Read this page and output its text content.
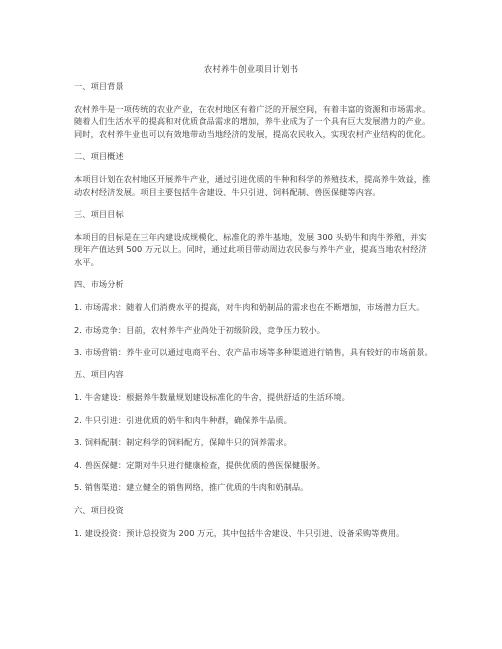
农村养牛创业项目计划书
一、项目背景
农村养牛是一项传统的农业产业，在农村地区有着广泛的开展空间，有着丰富的资源和市场需求。随着人们生活水平的提高和对优质食品需求的增加，养牛业成为了一个具有巨大发展潜力的产业。同时，农村养牛业也可以有效地带动当地经济的发展，提高农民收入，实现农村产业结构的优化。
二、项目概述
本项目计划在农村地区开展养牛产业，通过引进优质的牛种和科学的养殖技术，提高养牛效益，推动农村经济发展。项目主要包括牛舍建设、牛只引进、饲料配制、兽医保健等内容。
三、项目目标
本项目的目标是在三年内建设成规模化、标准化的养牛基地，发展 300 头奶牛和肉牛养殖，并实现年产值达到 500 万元以上。同时，通过此项目带动周边农民参与养牛产业，提高当地农村经济水平。
四、市场分析
1. 市场需求：随着人们消费水平的提高，对牛肉和奶制品的需求也在不断增加，市场潜力巨大。
2. 市场竞争：目前，农村养牛产业尚处于初级阶段，竞争压力较小。
3. 市场营销：养牛业可以通过电商平台、农产品市场等多种渠道进行销售，具有较好的市场前景。
五、项目内容
1. 牛舍建设：根据养牛数量规划建设标准化的牛舍，提供舒适的生活环境。
2. 牛只引进：引进优质的奶牛和肉牛种群，确保养牛品质。
3. 饲料配制：制定科学的饲料配方，保障牛只的饲养需求。
4. 兽医保健：定期对牛只进行健康检查，提供优质的兽医保健服务。
5. 销售渠道：建立健全的销售网络，推广优质的牛肉和奶制品。
六、项目投资
1. 建设投资：预计总投资为 200 万元，其中包括牛舍建设、牛只引进、设备采购等费用。
